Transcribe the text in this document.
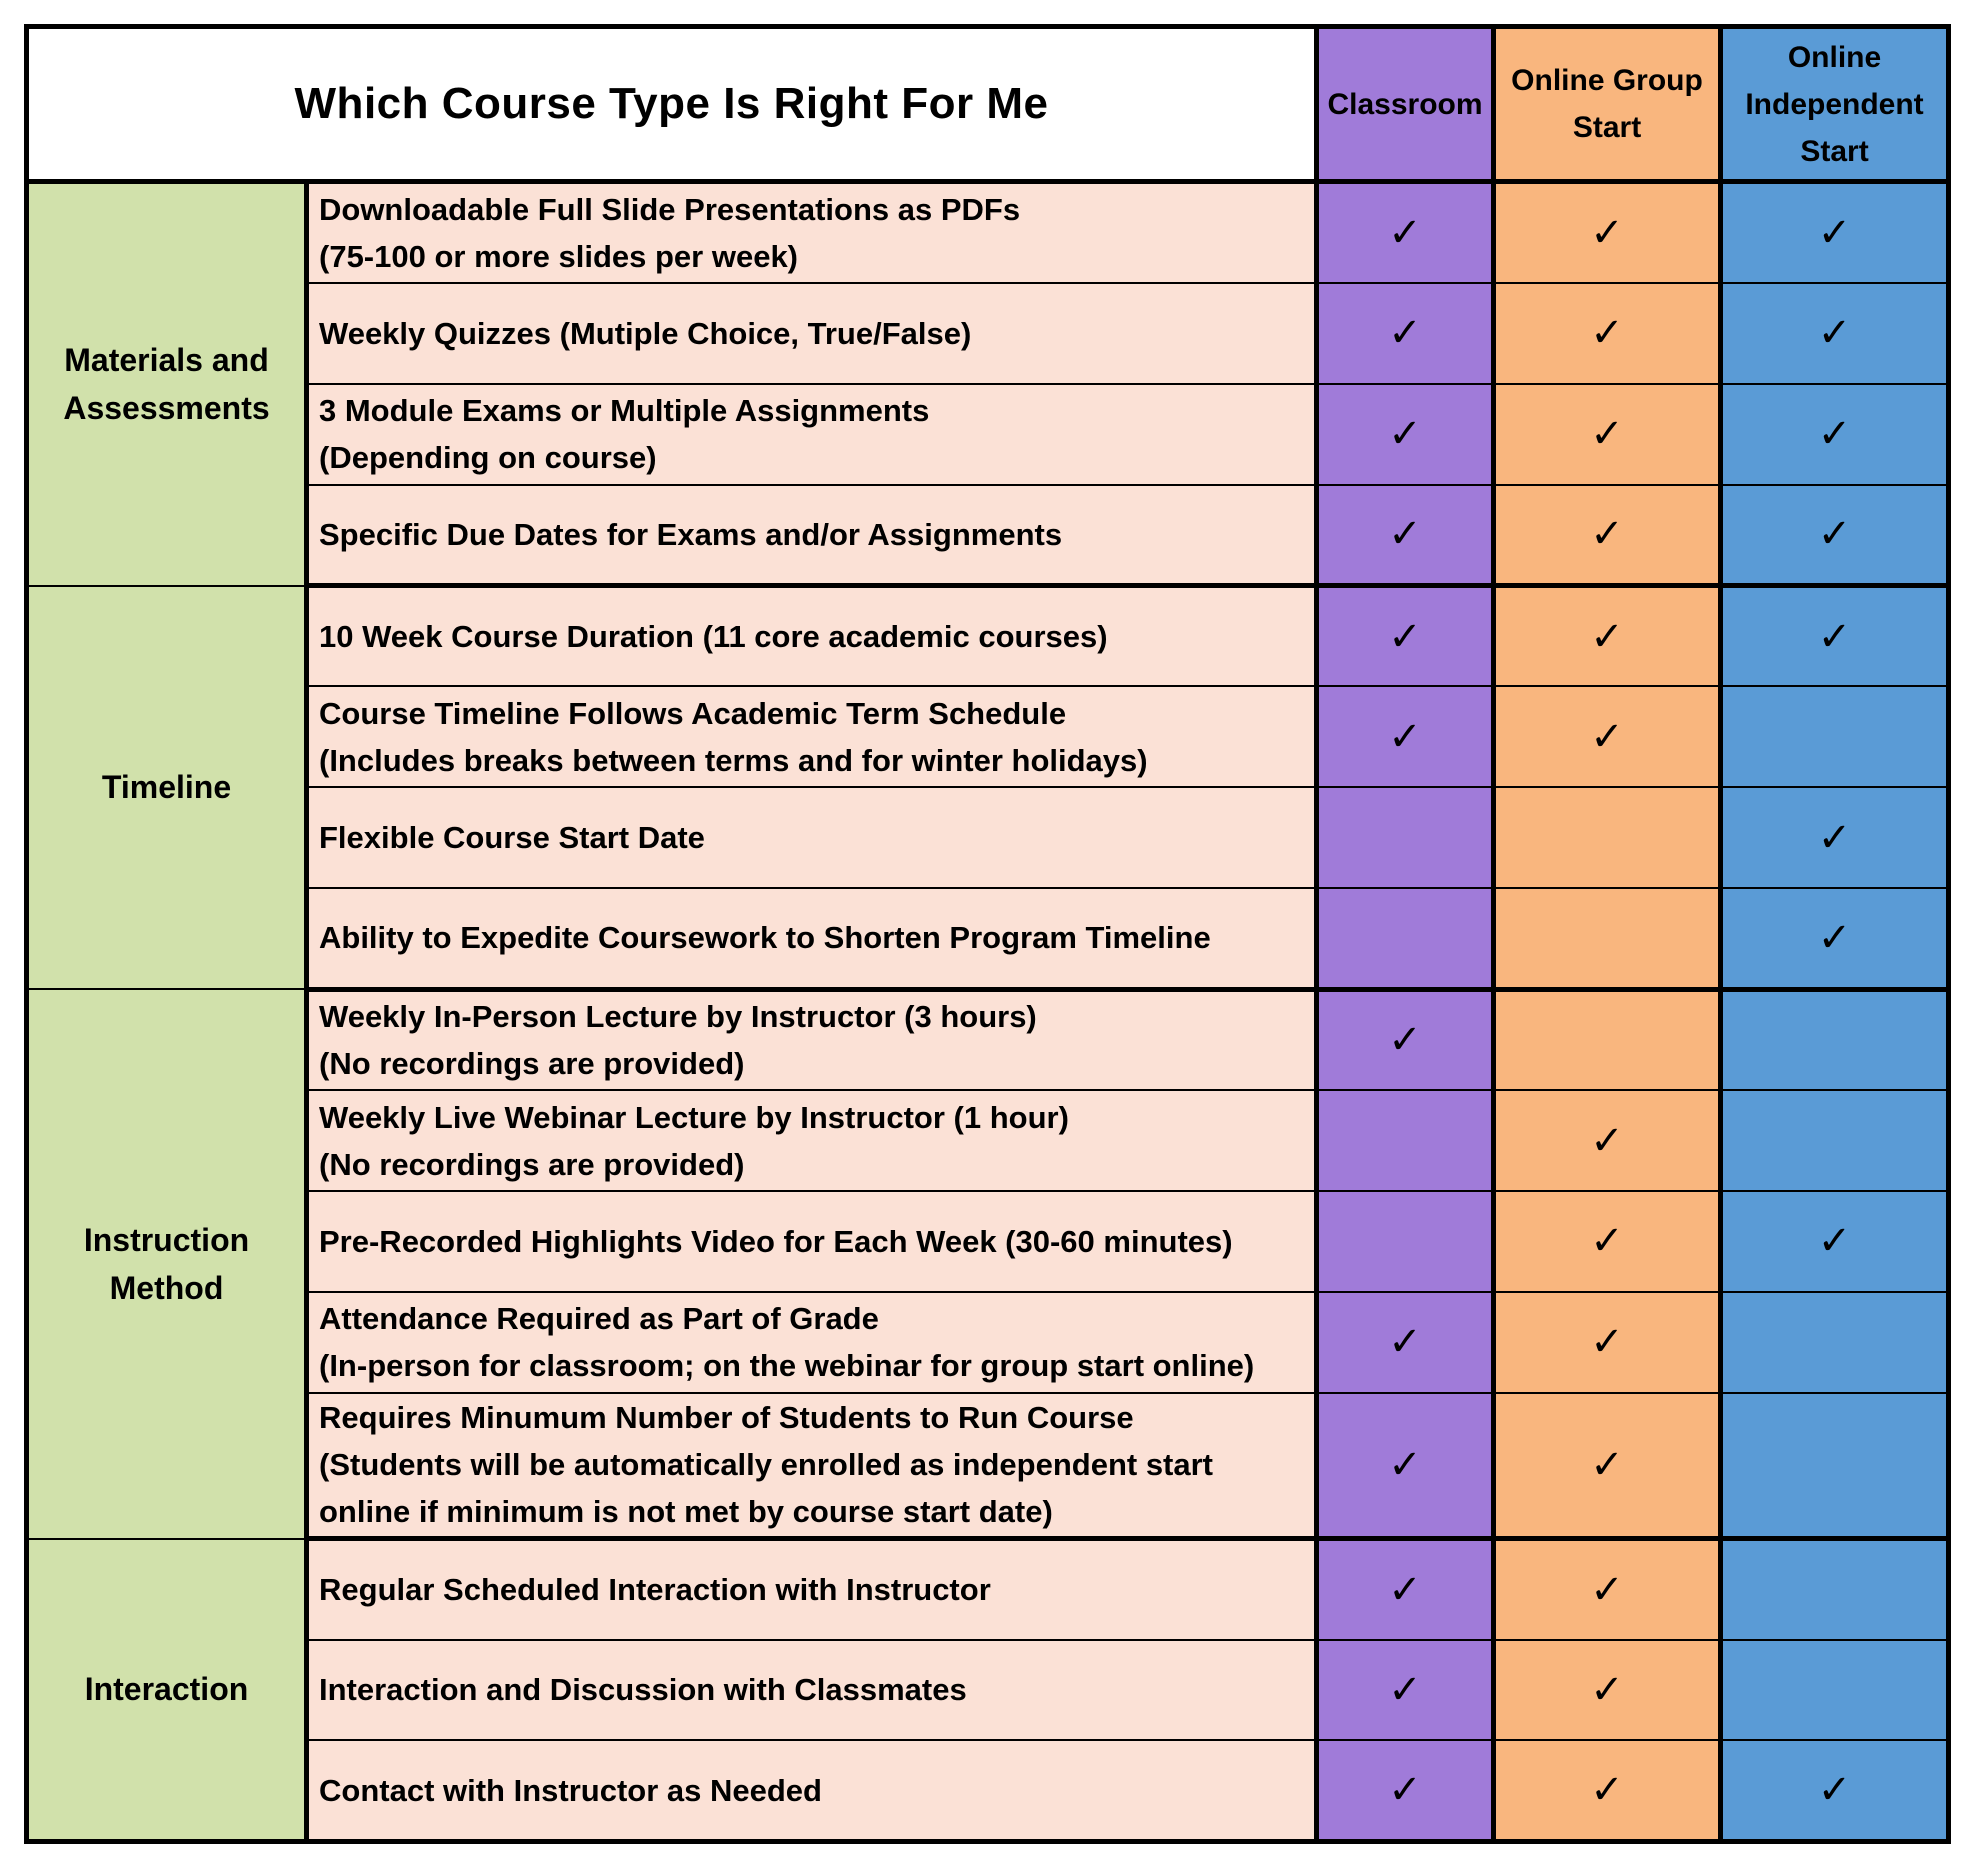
Which Course Type Is Right For Me		Classroom	Online Group Start	Online Independent Start
Materials and
Assessments	Downloadable Full Slide Presentations as PDFs
(75-100 or more slides per week)	✓	✓	✓
	Weekly Quizzes (Mutiple Choice, True/False)	✓	✓	✓
	3 Module Exams or Multiple Assignments
(Depending on course)	✓	✓	✓
	Specific Due Dates for Exams and/or Assignments	✓	✓	✓
Timeline	10 Week Course Duration (11 core academic courses)	✓	✓	✓
	Course Timeline Follows Academic Term Schedule
(Includes breaks between terms and for winter holidays)	✓	✓	
	Flexible Course Start Date			✓
	Ability to Expedite Coursework to Shorten Program Timeline			✓
Instruction
Method	Weekly In-Person Lecture by Instructor (3 hours)
(No recordings are provided)	✓		
	Weekly Live Webinar Lecture by Instructor (1 hour)
(No recordings are provided)		✓	
	Pre-Recorded Highlights Video for Each Week (30-60 minutes)		✓	✓
	Attendance Required as Part of Grade
(In-person for classroom; on the webinar for group start online)	✓	✓	
	Requires Minumum Number of Students to Run Course
(Students will be automatically enrolled as independent start
online if minimum is not met by course start date)	✓	✓	
Interaction	Regular Scheduled Interaction with Instructor	✓	✓	
	Interaction and Discussion with Classmates	✓	✓	
	Contact with Instructor as Needed	✓	✓	✓
